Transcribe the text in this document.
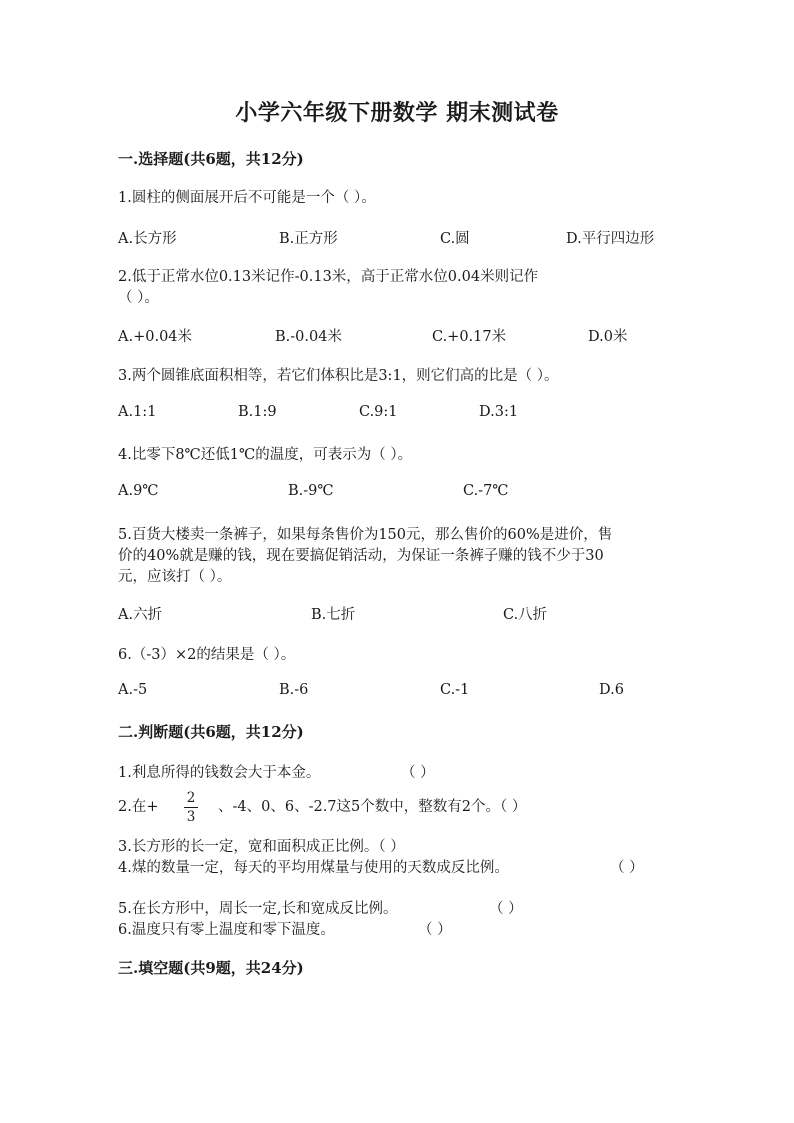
小学六年级下册数学 期末测试卷
一.选择题(共6题，共12分)
1.圆柱的侧面展开后不可能是一个（ ）。
A.长方形	B.正方形	C.圆	D.平行四边形
2.低于正常水位0.13米记作-0.13米，高于正常水位0.04米则记作
（ ）。
A.+0.04米	B.-0.04米	C.+0.17米	D.0米
3.两个圆锥底面积相等，若它们体积比是3:1，则它们高的比是（ ）。
A.1:1	B.1:9	C.9:1	D.3:1
4.比零下8℃还低1℃的温度，可表示为（ ）。
A.9℃	B.-9℃	C.-7℃
5.百货大楼卖一条裤子，如果每条售价为150元，那么售价的60%是进价，售
价的40%就是赚的钱，现在要搞促销活动，为保证一条裤子赚的钱不少于30
元，应该打（ ）。
A.六折	B.七折	C.八折
6.（-3）×2的结果是（ ）。
A.-5	B.-6	C.-1	D.6
二.判断题(共6题，共12分)
1.利息所得的钱数会大于本金。	（ ）
2.在+
2
3
、-4、0、6、-2.7这5个数中，整数有2个。（ ）
3.长方形的长一定，宽和面积成正比例。（ ）
4.煤的数量一定，每天的平均用煤量与使用的天数成反比例。	（ ）
5.在长方形中，周长一定,长和宽成反比例。	（ ）
6.温度只有零上温度和零下温度。	（ ）
三.填空题(共9题，共24分)
